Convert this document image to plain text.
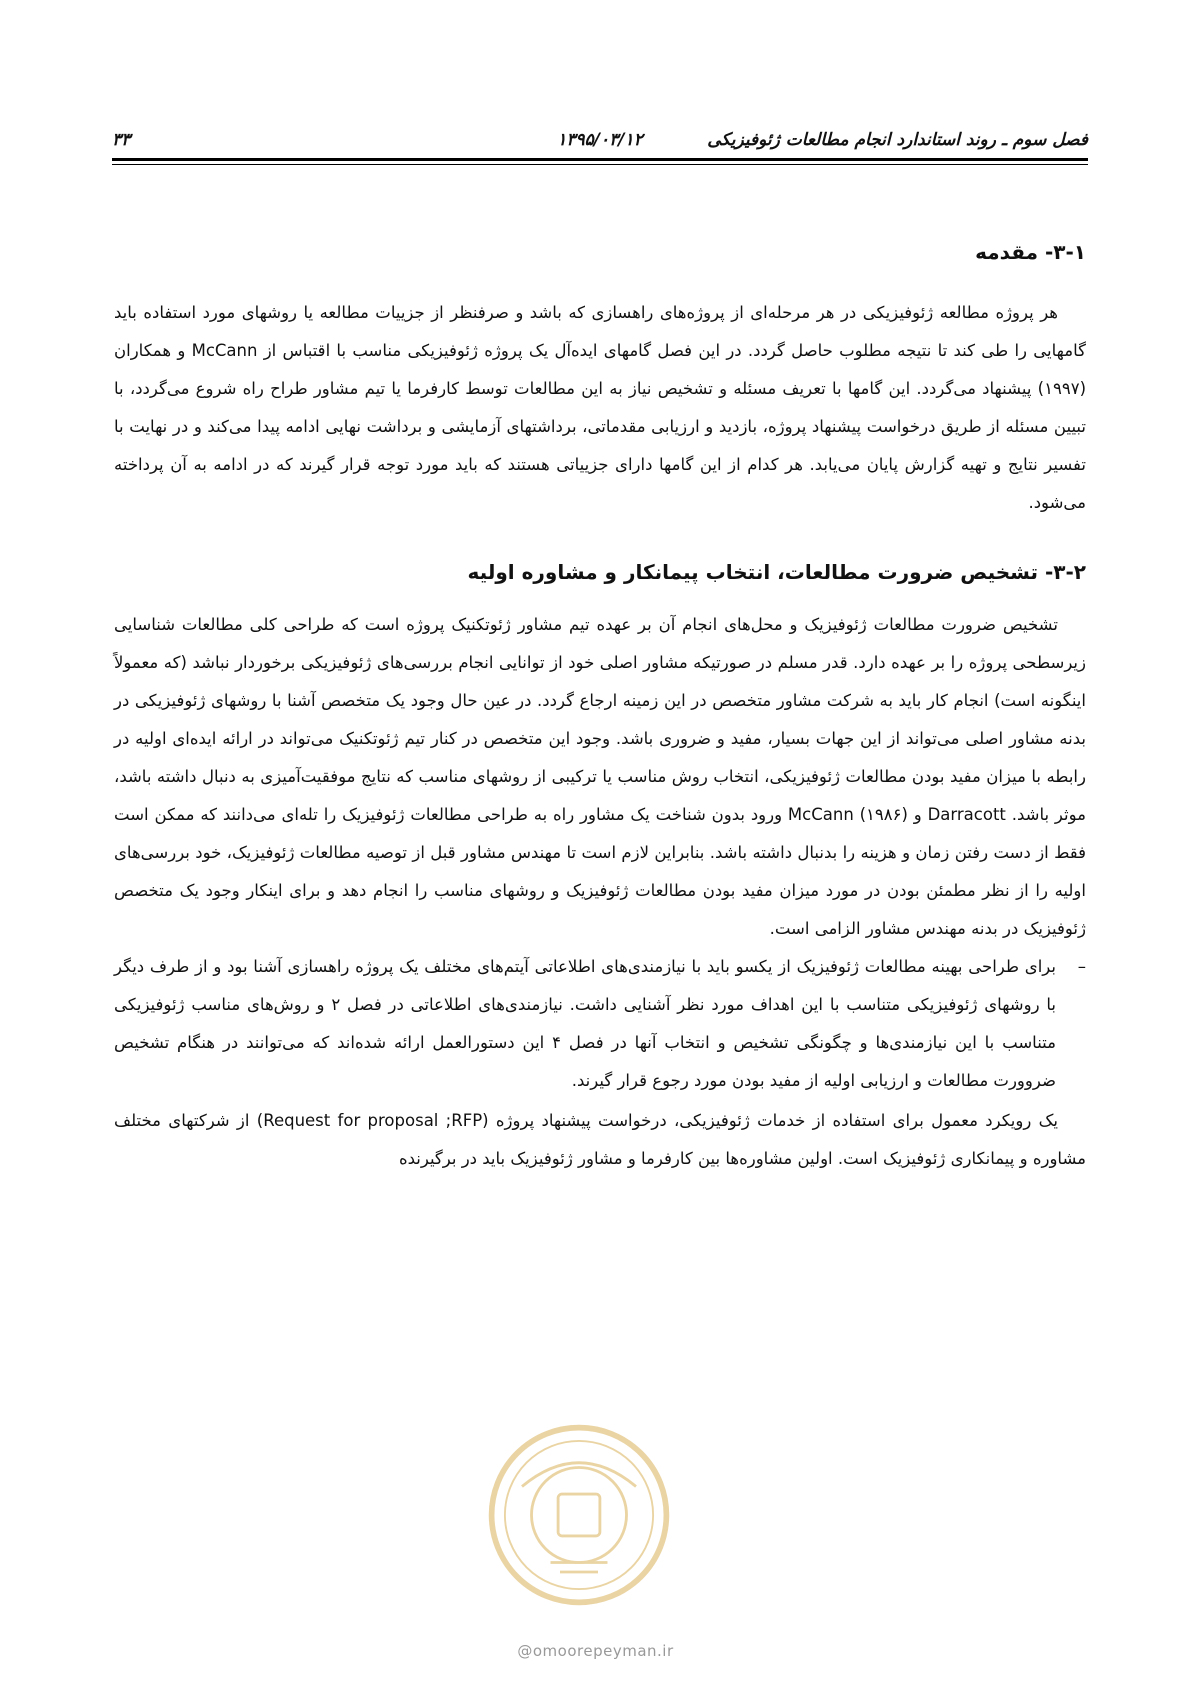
فصل سوم ـ روند استاندارد انجام مطالعات ژئوفیزیکی
۱۳۹۵/۰۳/۱۲
۳۳
۳-۱- مقدمه

هر پروژه مطالعه ژئوفیزیکی در هر مرحله‌ای از پروژه‌های راهسازی که باشد و صرفنظر از جزییات مطالعه یا روشهای مورد استفاده باید گامهایی را طی کند تا نتیجه مطلوب حاصل گردد. در این فصل گامهای ایده‌آل یک پروژه ژئوفیزیکی مناسب با اقتباس از McCann و همکاران (۱۹۹۷) پیشنهاد می‌گردد. این گامها با تعریف مسئله و تشخیص نیاز به این مطالعات توسط کارفرما یا تیم مشاور طراح راه شروع می‌گردد، با تبیین مسئله از طریق درخواست پیشنهاد پروژه، بازدید و ارزیابی مقدماتی، برداشتهای آزمایشی و برداشت نهایی ادامه پیدا می‌کند و در نهایت با تفسیر نتایج و تهیه گزارش پایان می‌یابد. هر کدام از این گامها دارای جزییاتی هستند که باید مورد توجه قرار گیرند که در ادامه به آن پرداخته می‌شود.

۳-۲- تشخیص ضرورت مطالعات، انتخاب پیمانکار و مشاوره اولیه

تشخیص ضرورت مطالعات ژئوفیزیک و محل‌های انجام آن بر عهده تیم مشاور ژئوتکنیک پروژه است که طراحی کلی مطالعات شناسایی زیرسطحی پروژه را بر عهده دارد. قدر مسلم در صورتیکه مشاور اصلی خود از توانایی انجام بررسی‌های ژئوفیزیکی برخوردار نباشد (که معمولاً اینگونه است) انجام کار باید به شرکت مشاور متخصص در این زمینه ارجاع گردد. در عین حال وجود یک متخصص آشنا با روشهای ژئوفیزیکی در بدنه مشاور اصلی می‌تواند از این جهات بسیار، مفید و ضروری باشد. وجود این متخصص در کنار تیم ژئوتکنیک می‌تواند در ارائه ایده‌ای اولیه در رابطه با میزان مفید بودن مطالعات ژئوفیزیکی، انتخاب روش مناسب یا ترکیبی از روشهای مناسب که نتایج موفقیت‌آمیزی به دنبال داشته باشد، موثر باشد. Darracott و McCann (۱۹۸۶) ورود بدون شناخت یک مشاور راه به طراحی مطالعات ژئوفیزیک را تله‌ای می‌دانند که ممکن است فقط از دست رفتن زمان و هزینه را بدنبال داشته باشد. بنابراین لازم است تا مهندس مشاور قبل از توصیه مطالعات ژئوفیزیک، خود بررسی‌های اولیه را از نظر مطمئن بودن در مورد میزان مفید بودن مطالعات ژئوفیزیک و روشهای مناسب را انجام دهد و برای اینکار وجود یک متخصص ژئوفیزیک در بدنه مهندس مشاور الزامی است.

–
برای طراحی بهینه مطالعات ژئوفیزیک از یکسو باید با نیازمندی‌های اطلاعاتی آیتم‌های مختلف یک پروژه راهسازی آشنا بود و از طرف دیگر با روشهای ژئوفیزیکی متناسب با این اهداف مورد نظر آشنایی داشت. نیازمندی‌های اطلاعاتی در فصل ۲ و روش‌های مناسب ژئوفیزیکی متناسب با این نیازمندی‌ها و چگونگی تشخیص و انتخاب آنها در فصل ۴ این دستورالعمل ارائه شده‌اند که می‌توانند در هنگام تشخیص ضروورت مطالعات و ارزیابی اولیه از مفید بودن مورد رجوع قرار گیرند.

یک رویکرد معمول برای استفاده از خدمات ژئوفیزیکی، درخواست پیشنهاد پروژه (Request for proposal ;RFP) از شرکتهای مختلف مشاوره و پیمانکاری ژئوفیزیک است. اولین مشاوره‌ها بین کارفرما و مشاور ژئوفیزیک باید در برگیرنده

@omoorepeyman.ir
